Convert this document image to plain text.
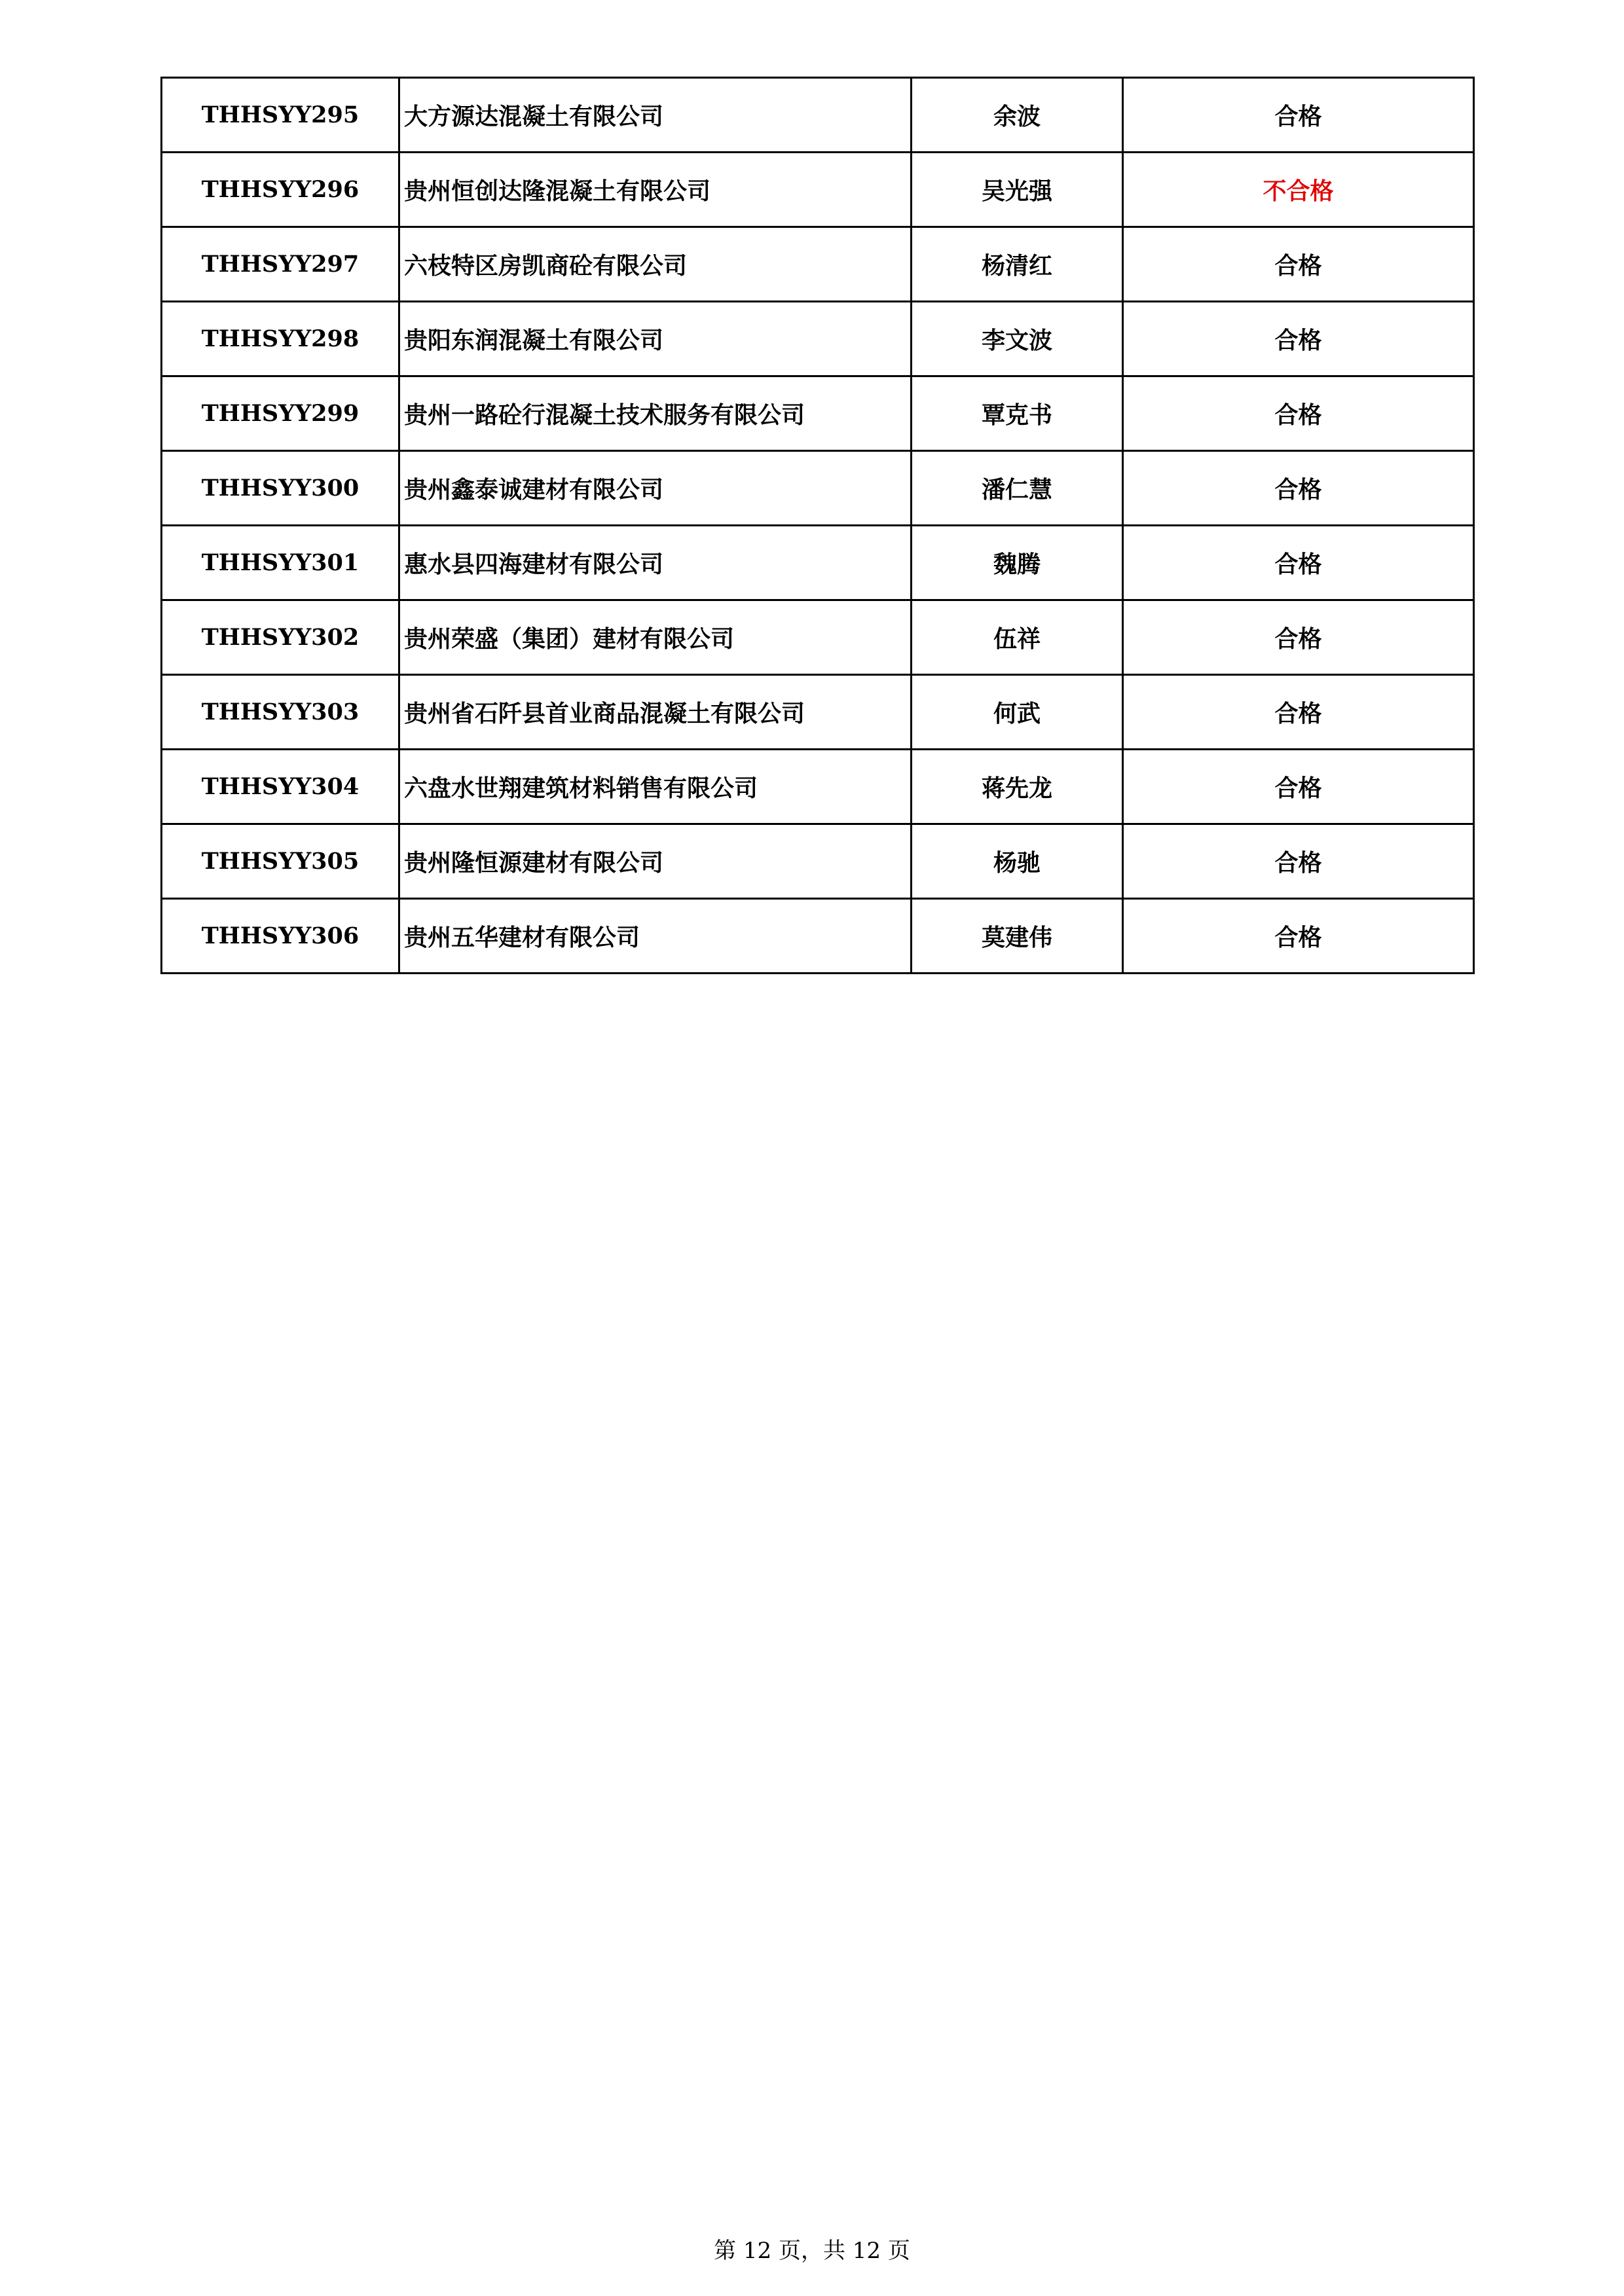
THHSYY295	大方源达混凝土有限公司	余波	合格
THHSYY296	贵州恒创达隆混凝土有限公司	吴光强	不合格
THHSYY297	六枝特区房凯商砼有限公司	杨清红	合格
THHSYY298	贵阳东润混凝土有限公司	李文波	合格
THHSYY299	贵州一路砼行混凝土技术服务有限公司	覃克书	合格
THHSYY300	贵州鑫泰诚建材有限公司	潘仁慧	合格
THHSYY301	惠水县四海建材有限公司	魏腾	合格
THHSYY302	贵州荣盛（集团）建材有限公司	伍祥	合格
THHSYY303	贵州省石阡县首业商品混凝土有限公司	何武	合格
THHSYY304	六盘水世翔建筑材料销售有限公司	蒋先龙	合格
THHSYY305	贵州隆恒源建材有限公司	杨驰	合格
THHSYY306	贵州五华建材有限公司	莫建伟	合格
第 12 页，共 12 页
